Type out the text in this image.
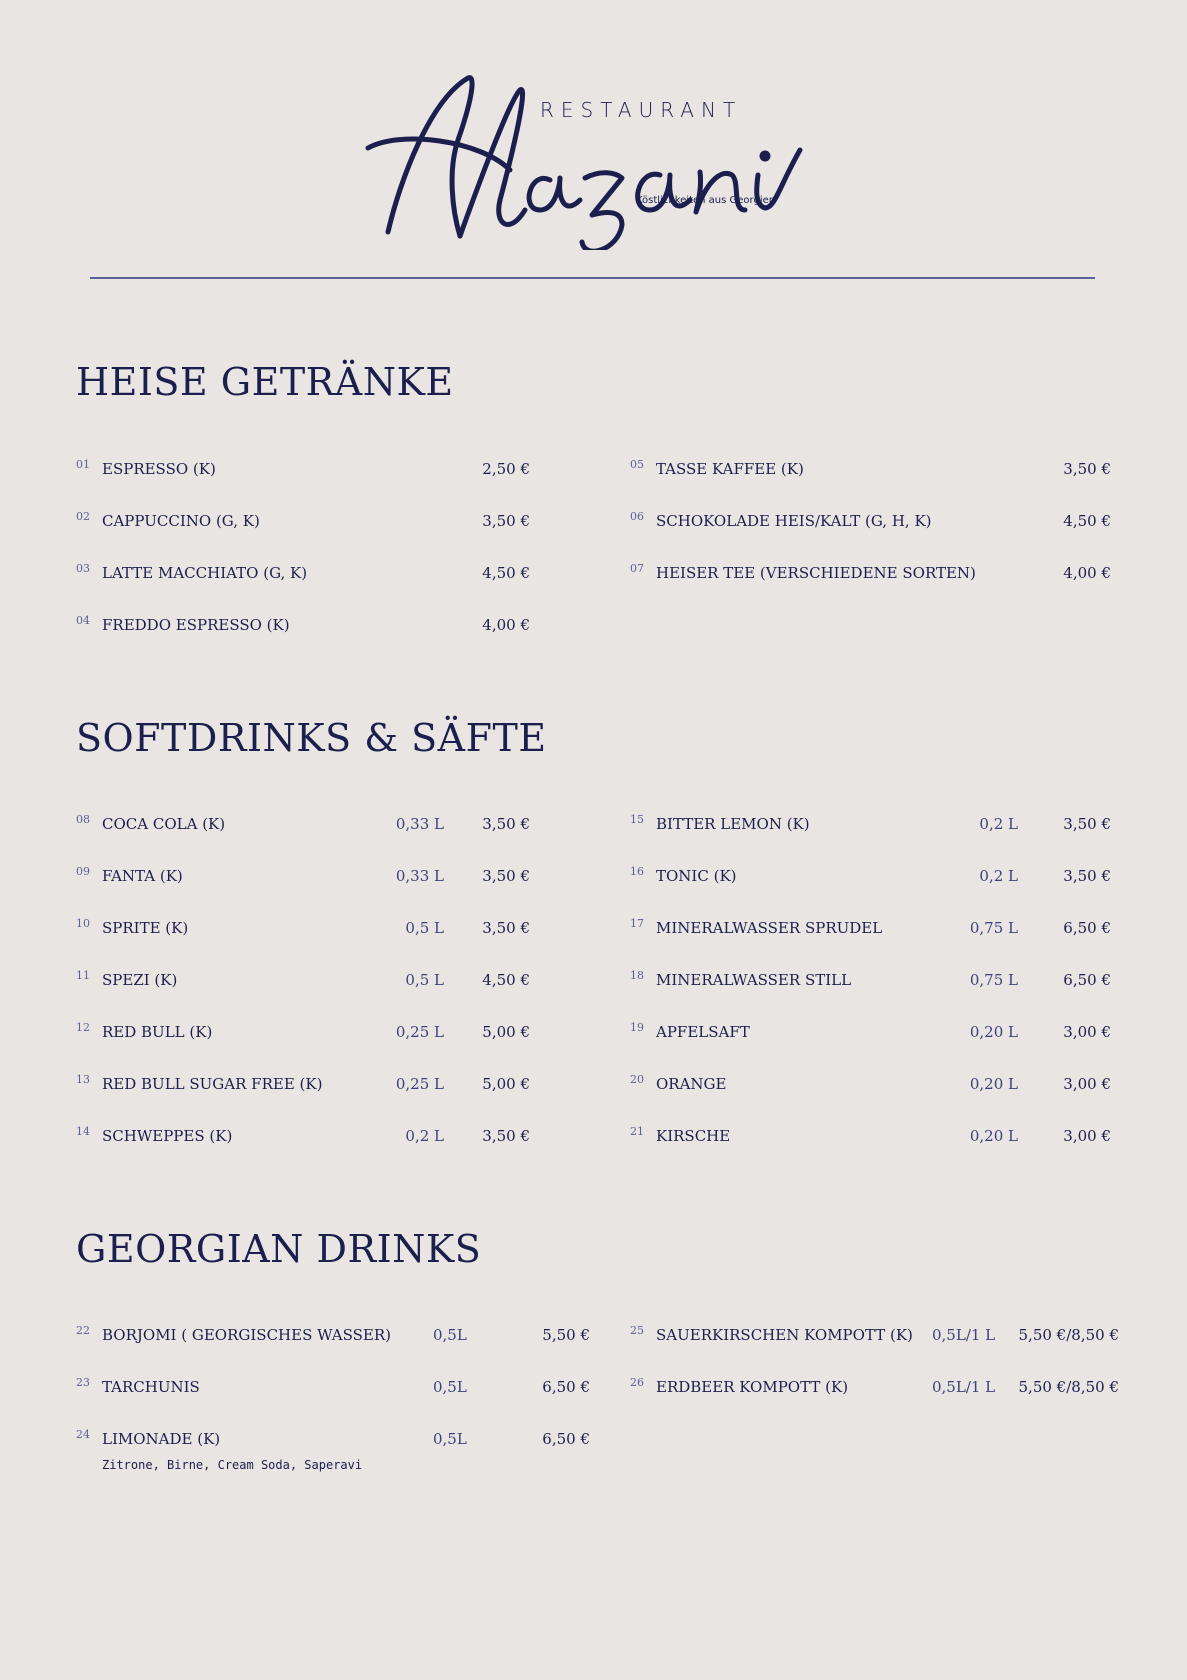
RESTAURANT
Köstlichkeiten aus Georgien
HEISE GETRÄNKE
01 ESPRESSO (K)	2,50 €
02 CAPPUCCINO (G, K)	3,50 €
03 LATTE MACCHIATO (G, K)	4,50 €
04 FREDDO ESPRESSO (K)	4,00 €
05 TASSE KAFFEE (K)	3,50 €
06 SCHOKOLADE HEIS/KALT (G, H, K)	4,50 €
07 HEISER TEE (VERSCHIEDENE SORTEN)	4,00 €
SOFTDRINKS & SÄFTE
08 COCA COLA (K)	0,33 L	3,50 €
09 FANTA (K)	0,33 L	3,50 €
10 SPRITE (K)	0,5 L	3,50 €
11 SPEZI (K)	0,5 L	4,50 €
12 RED BULL (K)	0,25 L	5,00 €
13 RED BULL SUGAR FREE (K)	0,25 L	5,00 €
14 SCHWEPPES (K)	0,2 L	3,50 €
15 BITTER LEMON (K)	0,2 L	3,50 €
16 TONIC (K)	0,2 L	3,50 €
17 MINERALWASSER SPRUDEL	0,75 L	6,50 €
18 MINERALWASSER STILL	0,75 L	6,50 €
19 APFELSAFT	0,20 L	3,00 €
20 ORANGE	0,20 L	3,00 €
21 KIRSCHE	0,20 L	3,00 €
GEORGIAN DRINKS
22 BORJOMI ( GEORGISCHES WASSER)	0,5L	5,50 €
23 TARCHUNIS	0,5L	6,50 €
24 LIMONADE (K)	0,5L	6,50 €
Zitrone, Birne, Cream Soda, Saperavi
25 SAUERKIRSCHEN KOMPOTT (K) 0,5L/1 L 5,50 €/8,50 €
26 ERDBEER KOMPOTT (K)	0,5L/1 L 5,50 €/8,50 €
